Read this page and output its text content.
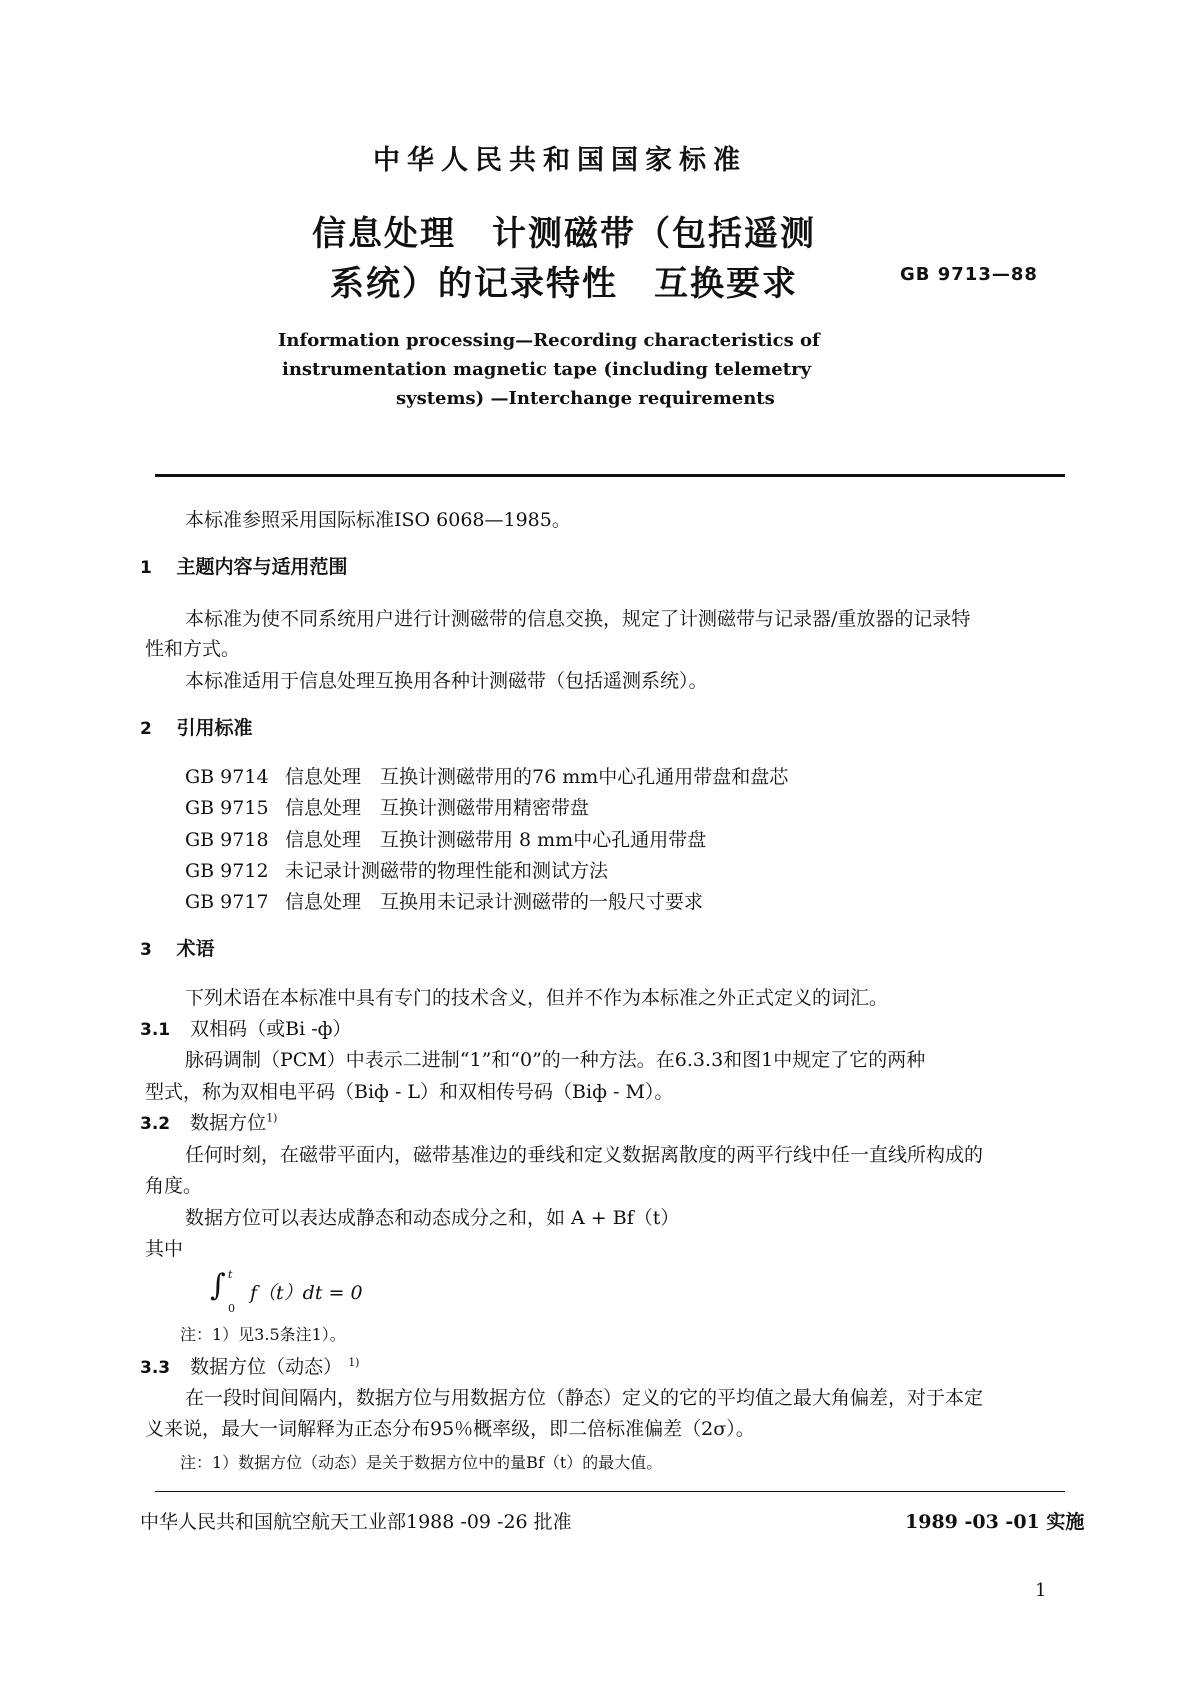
中华人民共和国国家标准
信息处理　计测磁带（包括遥测
系统）的记录特性　互换要求	GB 9713—88
Information processing—Recording characteristics of
instrumentation magnetic tape (including telemetry
systems) —Interchange requirements
本标准参照采用国际标准ISO 6068—1985。
1 主题内容与适用范围
本标准为使不同系统用户进行计测磁带的信息交换，规定了计测磁带与记录器/重放器的记录特
性和方式。
本标准适用于信息处理互换用各种计测磁带（包括遥测系统）。
2 引用标准
GB 9714 信息处理　互换计测磁带用的76 mm中心孔通用带盘和盘芯
GB 9715 信息处理　互换计测磁带用精密带盘
GB 9718 信息处理　互换计测磁带用 8 mm中心孔通用带盘
GB 9712 未记录计测磁带的物理性能和测试方法
GB 9717 信息处理　互换用未记录计测磁带的一般尺寸要求
3 术语
下列术语在本标准中具有专门的技术含义，但并不作为本标准之外正式定义的词汇。
3.1 双相码（或Bi -ф）
脉码调制（PCM）中表示二进制“1”和“0”的一种方法。在6.3.3和图1中规定了它的两种
型式，称为双相电平码（Biф - L）和双相传号码（Biф - M）。
3.2 数据方位$^{1)}$
任何时刻，在磁带平面内，磁带基准边的垂线和定义数据离散度的两平行线中任一直线所构成的
角度。
数据方位可以表达成静态和动态成分之和，如 A + Bf（t）
其中
∫ t
0
f（t）dt = 0
注：1）见3.5条注1）。
3.3 数据方位（动态） $^{1)}$
在一段时间间隔内，数据方位与用数据方位（静态）定义的它的平均值之最大角偏差，对于本定
义来说，最大一词解释为正态分布95％概率级，即二倍标准偏差（2σ）。
注：1）数据方位（动态）是关于数据方位中的量Bf（t）的最大值。
中华人民共和国航空航天工业部1988 -09 -26 批准	1989 -03 -01 实施
1
